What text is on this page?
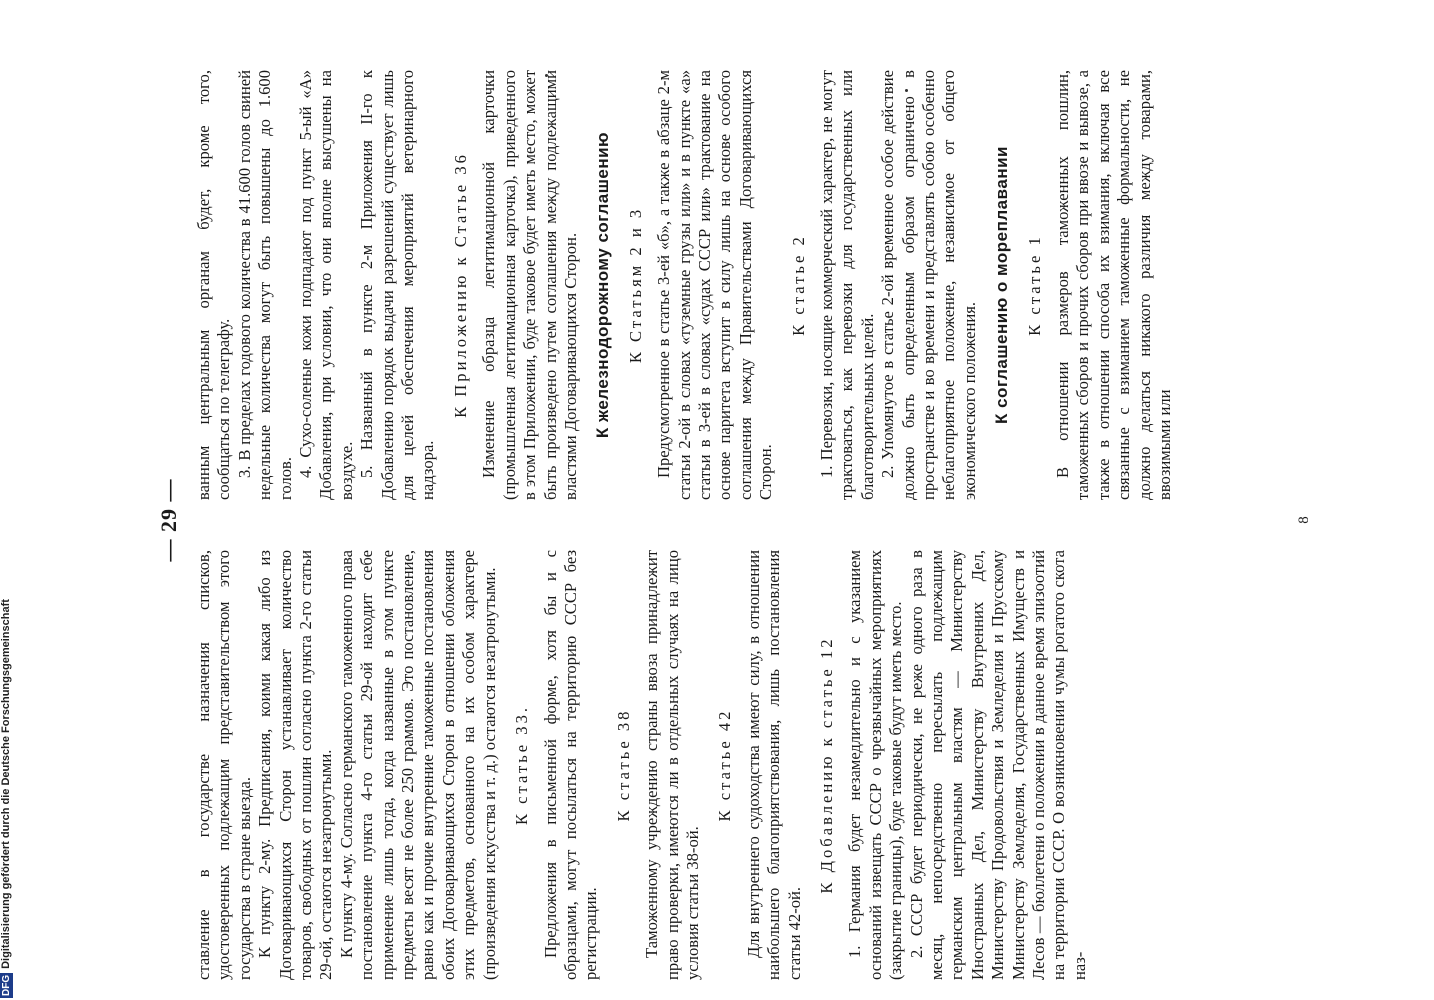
— 29 —

ставление в государстве назначения списков, удостоверенных подлежащим представительством этого государства в стране выезда. К пункту 2-му. Предписания, коими какая либо из Договаривающихся Сторон устанавливает количество товаров, свободных от пошлин согласно пункта 2-го статьи 29-ой, остаются незатронутыми. К пункту 4-му. Согласно германского таможенного права постановление пункта 4-го статьи 29-ой находит себе применение лишь тогда, когда названные в этом пункте предметы весят не более 250 граммов. Это постановление, равно как и прочие внутренние таможенные постановления обоих Договаривающихся Сторон в отношении обложения этих предметов, основанного на их особом характере (произведения искусства и т. д.) остаются незатронутыми. К статье 33. Предложения в письменной форме, хотя бы и с образцами, могут посылаться на территорию СССР без регистрации.

К статье 38 Таможенному учреждению страны ввоза принадлежит право проверки, имеются ли в отдельных случаях на лицо условия статьи 38-ой.

К статье 42 Для внутреннего судоходства имеют силу, в отношении наибольшего благоприятствования, лишь постановления статьи 42-ой.

К Добавлению к статье 12 1. Германия будет незамедлительно и с указанием оснований извещать СССР о чрезвычайных мероприятиях (закрытие границы), буде таковые будут иметь место. 2. СССР будет периодически, не реже одного раза в месяц, непосредственно пересылать подлежащим германским центральным властям — Министерству Иностранных Дел, Министерству Внутренних Дел, Министерству Продовольствия и Земледелия и Прусскому Министерству Земледелия, Государственных Имуществ и Лесов — бюллетени о положении в данное время эпизоотий на территории СССР. О возникновении чумы рогатого скота наз-

ванным центральным органам будет, кроме того, сообщаться по телеграфу. 3. В пределах годового количества в 41.600 голов свиней недельные количества могут быть повышены до 1.600 голов.

4. Сухо-соленые кожи подпадают под пункт 5-ый «А» Добавления, при условии, что они вполне высушены на воздухе. 5. Названный в пункте 2-м Приложения II-го к Добавлению порядок выдачи разрешений существует лишь для целей обеспечения мероприятий ветеринарного надзора.

К Приложению к Статье 36 Изменение образца легитимационной карточки (промышленная легитимационная карточка), приведенного в этом Приложении, буде таковое будет иметь место, может быть произведено путем соглашения между подлежащими властями Договаривающихся Сторон. К железнодорожному соглашению К Статьям 2 и 3 Предусмотренное в статье 3-ей «б», а также в абзаце 2-м статьи 2-ой в словах «туземные грузы или» и в пункте «а» статьи в 3-ей в словах «судах СССР или» трактование на основе паритета вступит в силу лишь на основе особого соглашения между Правительствами Договаривающихся Сторон.

К статье 2 1. Перевозки, носящие коммерческий характер, не могут трактоваться, как перевозки для государственных или благотворительных целей. 2. Упомянутое в статье 2-ой временное особое действие должно быть определенным образом ограничено в пространстве и во времени и представлять собою особенно неблагоприятное положение, независимое от общего экономического положения. К соглашению о мореплавании К статье 1 В отношении размеров таможенных пошлин, таможенных сборов и прочих сборов при ввозе и вывозе, а также в отношении способа их взимания, включая все связанные с взиманием таможенные формальности, не должно делаться никакого различия между товарами, ввозимыми или

8
DFGDigitalisierung gefördert durch die Deutsche Forschungsgemeinschaft
